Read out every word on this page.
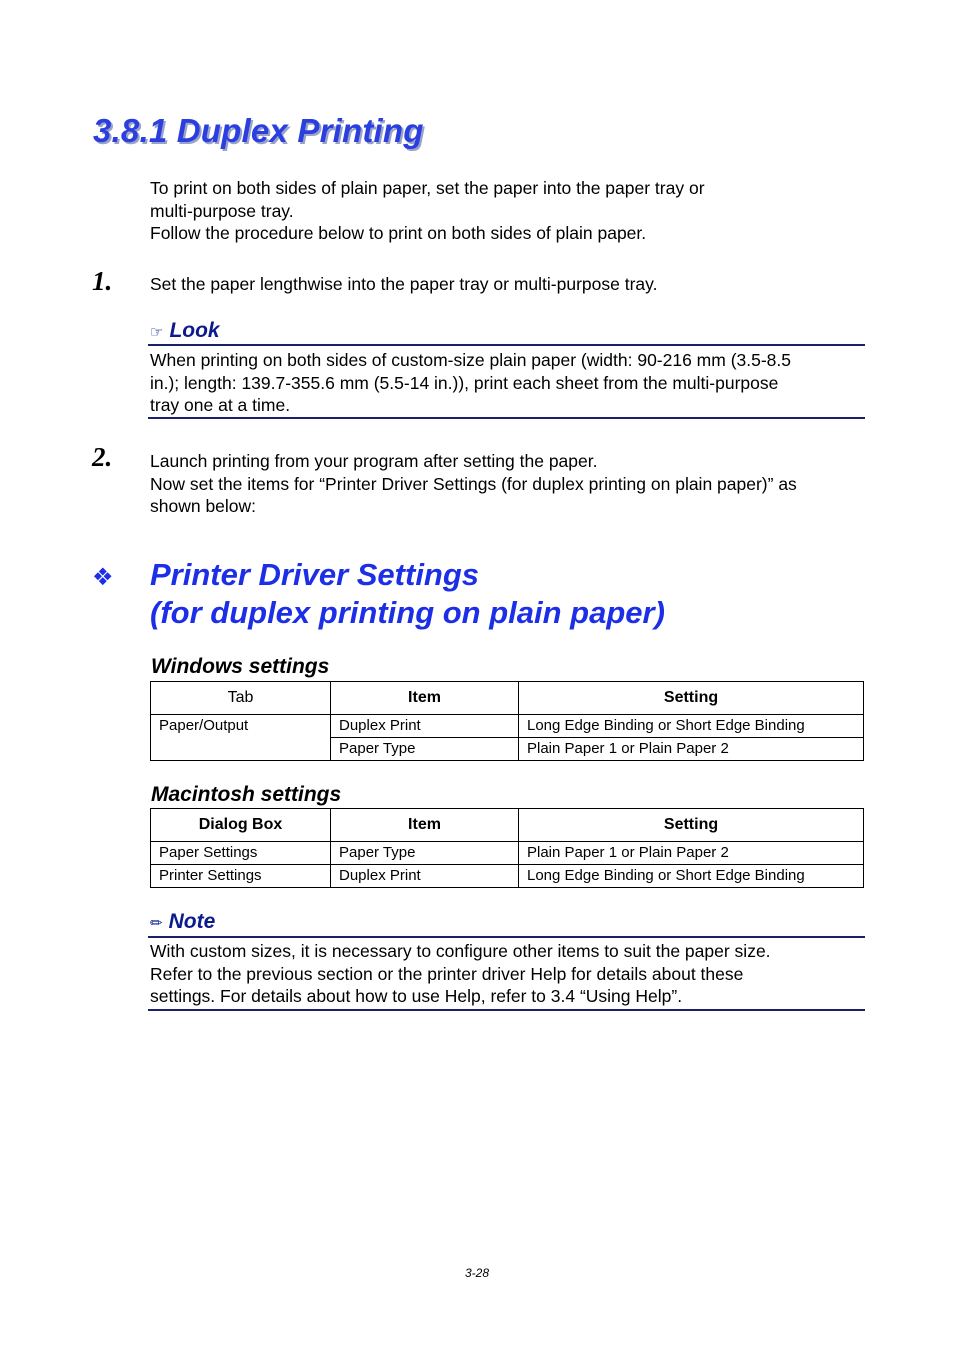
3.8.1 Duplex Printing
To print on both sides of plain paper, set the paper into the paper tray or
multi-purpose tray.
Follow the procedure below to print on both sides of plain paper.
1. Set the paper lengthwise into the paper tray or multi-purpose tray.
☞ Look
When printing on both sides of custom-size plain paper (width: 90-216 mm (3.5-8.5
in.); length: 139.7-355.6 mm (5.5-14 in.)), print each sheet from the multi-purpose
tray one at a time.
2. Launch printing from your program after setting the paper.
Now set the items for “Printer Driver Settings (for duplex printing on plain paper)” as
shown below:
❖ Printer Driver Settings
(for duplex printing on plain paper)
Windows settings
Tab	Item	Setting
Paper/Output	Duplex Print	Long Edge Binding or Short Edge Binding
	Paper Type	Plain Paper 1 or Plain Paper 2
Macintosh settings
Dialog Box	Item	Setting
Paper Settings	Paper Type	Plain Paper 1 or Plain Paper 2
Printer Settings	Duplex Print	Long Edge Binding or Short Edge Binding
✏ Note
With custom sizes, it is necessary to configure other items to suit the paper size.
Refer to the previous section or the printer driver Help for details about these
settings. For details about how to use Help, refer to 3.4 “Using Help”.
3-28
